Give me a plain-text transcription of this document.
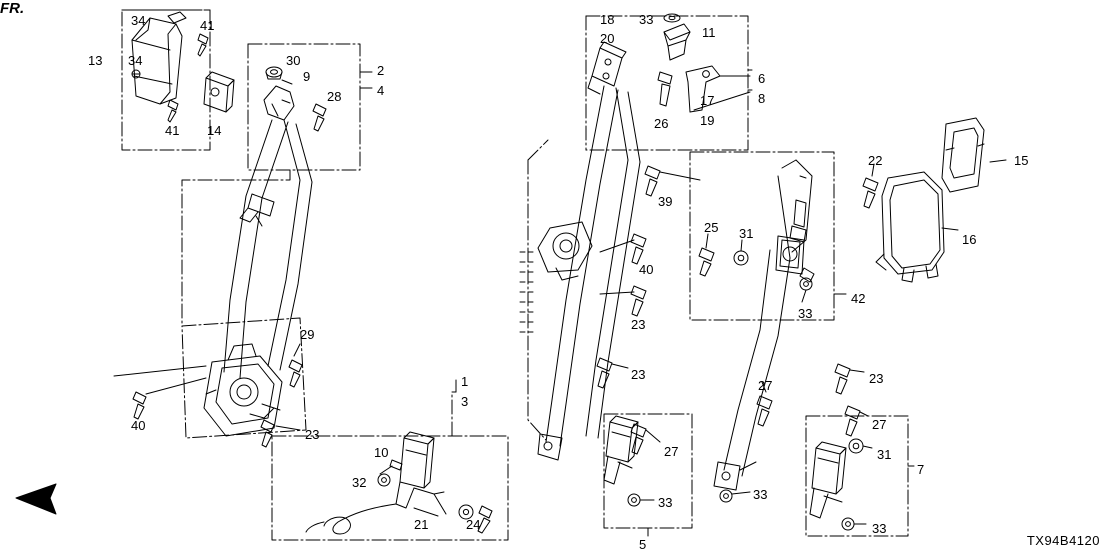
FR.
34	41
13 34	30
2
9
28	4
41 14
29
1
3
40
23
10
32
21	24
18 33
11
20
6
17	8
26 19
39
22	15
16
25 31
40
33
42
23
23	23
27
27
27
31
7
33
33
33
5	TX94B4120
